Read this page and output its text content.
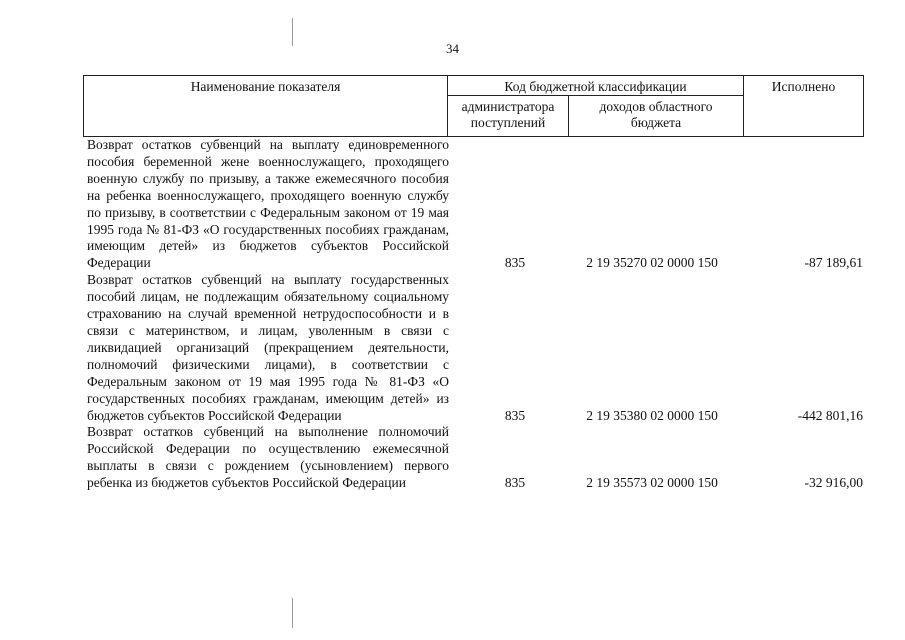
34
Наименование показателя	Код бюджетной классификации		Исполнено
	администратора поступлений	доходов областного бюджета	
Возврат остатков субвенций на выплату единовременного пособия беременной жене военнослужащего, проходящего военную службу по призыву, а также ежемесячного пособия на ребенка военнослужащего, проходящего военную службу по призыву, в соответствии с Федеральным законом от 19 мая 1995 года № 81-ФЗ «О государственных пособиях гражданам, имеющим детей» из бюджетов субъектов Российской Федерации	835	2 19 35270 02 0000 150	-87 189,61
Возврат остатков субвенций на выплату государственных пособий лицам, не подлежащим обязательному социальному страхованию на случай временной нетрудоспособности и в связи с материнством, и лицам, уволенным в связи с ликвидацией организаций (прекращением деятельности, полномочий физическими лицами), в соответствии с Федеральным законом от 19 мая 1995 года № 81-ФЗ «О государственных пособиях гражданам, имеющим детей» из бюджетов субъектов Российской Федерации	835	2 19 35380 02 0000 150	-442 801,16
Возврат остатков субвенций на выполнение полномочий Российской Федерации по осуществлению ежемесячной выплаты в связи с рождением (усыновлением) первого ребенка из бюджетов субъектов Российской Федерации	835	2 19 35573 02 0000 150	-32 916,00
